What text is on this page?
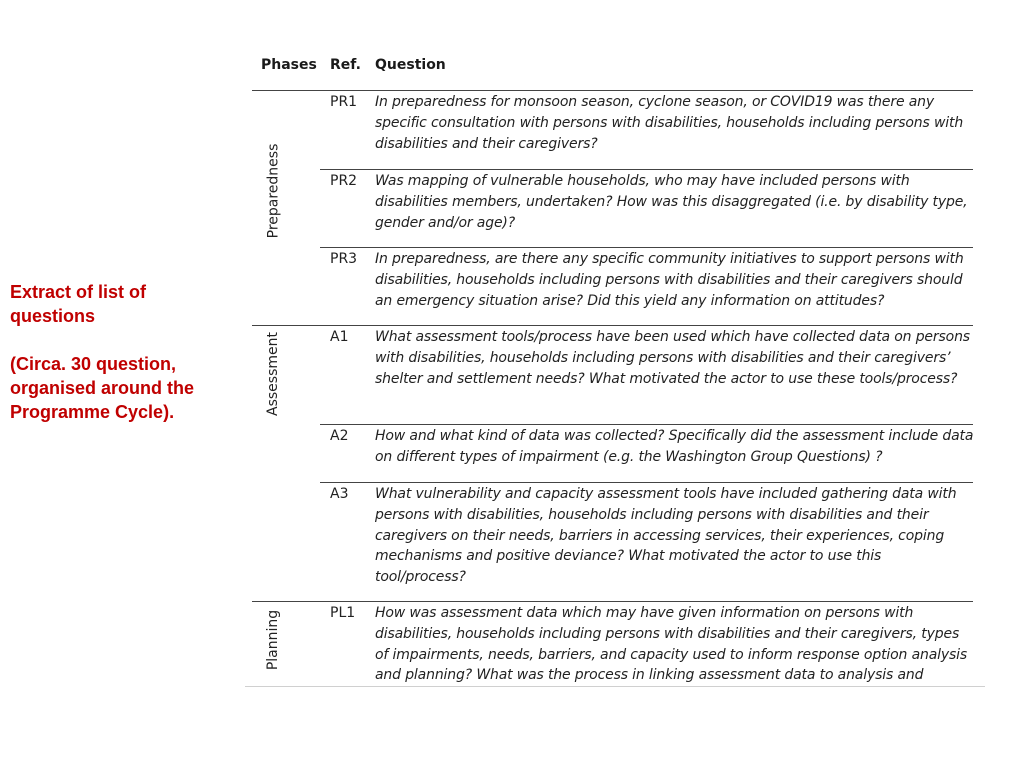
Extract of list of questions

(Circa. 30 question, organised around the Programme Cycle).

Phases Ref. Question
Preparedness
Assessment
Planning
PR1 In preparedness for monsoon season, cyclone season, or COVID19 was there any specific consultation with persons with disabilities, households including persons with disabilities and their caregivers?

PR2 Was mapping of vulnerable households, who may have included persons with disabilities members, undertaken? How was this disaggregated (i.e. by disability type, gender and/or age)?

PR3 In preparedness, are there any specific community initiatives to support persons with disabilities, households including persons with disabilities and their caregivers should an emergency situation arise? Did this yield any information on attitudes?

A1 What assessment tools/process have been used which have collected data on persons with disabilities, households including persons with disabilities and their caregivers’ shelter and settlement needs? What motivated the actor to use these tools/process?

A2 How and what kind of data was collected? Specifically did the assessment include data on different types of impairment (e.g. the Washington Group Questions) ?

A3 What vulnerability and capacity assessment tools have included gathering data with persons with disabilities, households including persons with disabilities and their caregivers on their needs, barriers in accessing services, their experiences, coping mechanisms and positive deviance? What motivated the actor to use this tool/process?

PL1 How was assessment data which may have given information on persons with disabilities, households including persons with disabilities and their caregivers, types of impairments, needs, barriers, and capacity used to inform response option analysis and planning? What was the process in linking assessment data to analysis and
